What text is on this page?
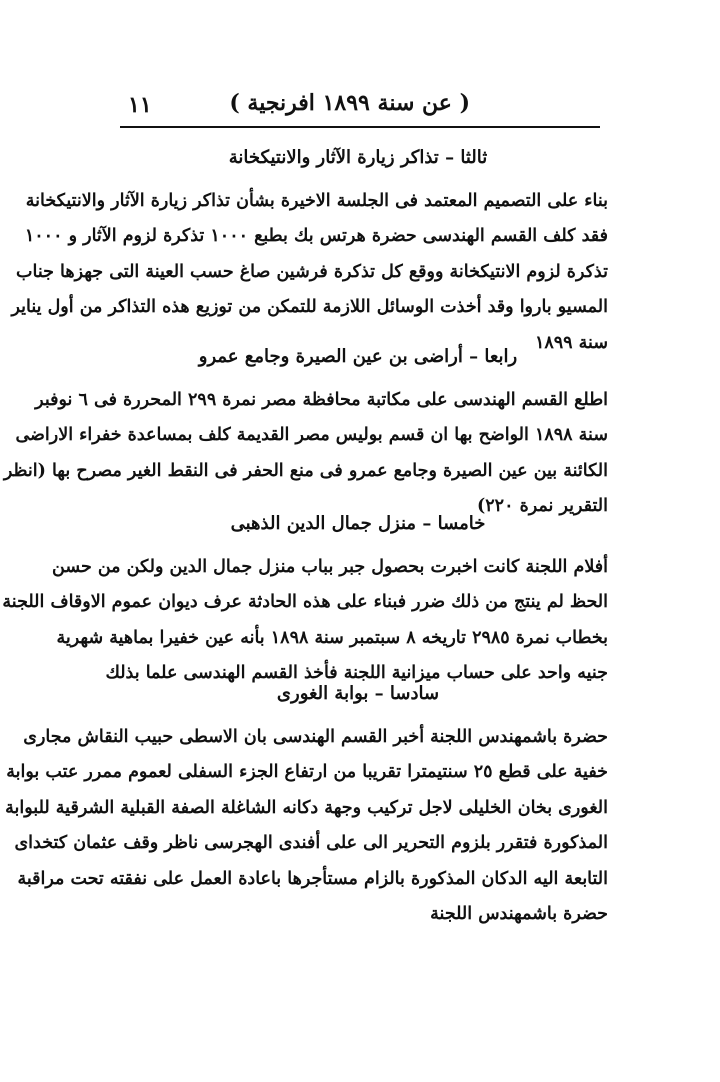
١١	( عن سنة ١٨٩٩ افرنجية )
ثالثا – تذاكر زيارة الآثار والانتيكخانة
بناء على التصميم المعتمد فى الجلسة الاخيرة بشأن تذاكر زيارة الآثار والانتيكخانة
فقد كلف القسم الهندسى حضرة هرتس بك بطبع ١٠٠٠ تذكرة لزوم الآثار و ١٠٠٠
تذكرة لزوم الانتيكخانة ووقع كل تذكرة فرشين صاغ حسب العينة التى جهزها جناب
المسيو باروا وقد أخذت الوسائل اللازمة للتمكن من توزيع هذه التذاكر من أول يناير
سنة ١٨٩٩
رابعا – أراضى بن عين الصيرة وجامع عمرو
اطلع القسم الهندسى على مكاتبة محافظة مصر نمرة ٢٩٩ المحررة فى ٦ نوفبر
سنة ١٨٩٨ الواضح بها ان قسم بوليس مصر القديمة كلف بمساعدة خفراء الاراضى
الكائنة بين عين الصيرة وجامع عمرو فى منع الحفر فى النقط الغير مصرح بها (انظر
التقرير نمرة ٢٢٠)
خامسا – منزل جمال الدين الذهبى
أفلام اللجنة كانت اخبرت بحصول جبر بباب منزل جمال الدين ولكن من حسن
الحظ لم ينتج من ذلك ضرر فبناء على هذه الحادثة عرف ديوان عموم الاوقاف اللجنة
بخطاب نمرة ٢٩٨٥ تاريخه ٨ سبتمبر سنة ١٨٩٨ بأنه عين خفيرا بماهية شهرية
جنيه واحد على حساب ميزانية اللجنة فأخذ القسم الهندسى علما بذلك
سادسا – بوابة الغورى
حضرة باشمهندس اللجنة أخبر القسم الهندسى بان الاسطى حبيب النقاش مجارى
خفية على قطع ٢٥ سنتيمترا تقريبا من ارتفاع الجزء السفلى لعموم ممرر عتب بوابة
الغورى بخان الخليلى لاجل تركيب وجهة دكانه الشاغلة الصفة القبلية الشرقية للبوابة
المذكورة فتقرر بلزوم التحرير الى على أفندى الهجرسى ناظر وقف عثمان كتخداى
التابعة اليه الدكان المذكورة بالزام مستأجرها باعادة العمل على نفقته تحت مراقبة
حضرة باشمهندس اللجنة
